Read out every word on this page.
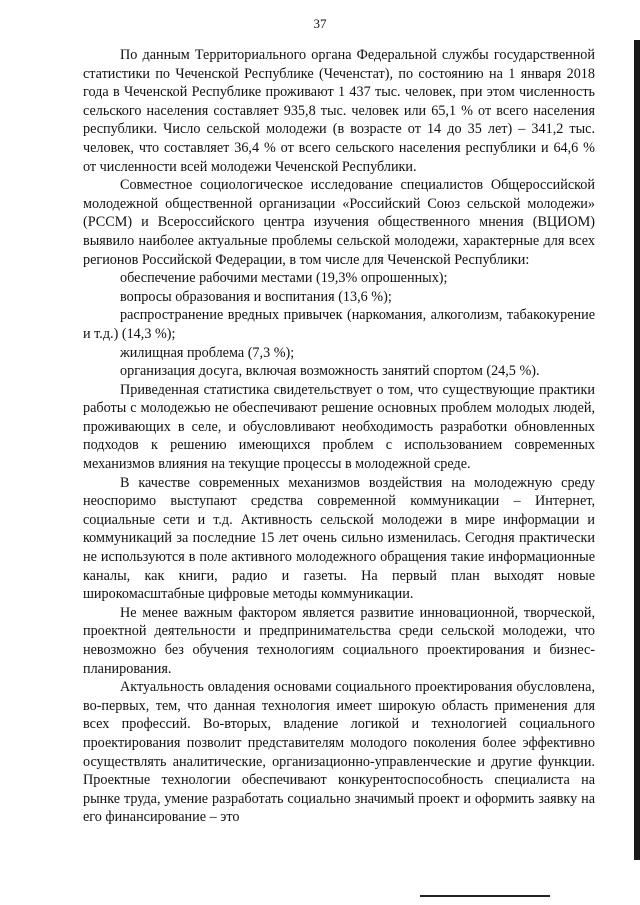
37

По данным Территориального органа Федеральной службы государственной статистики по Чеченской Республике (Чеченстат), по состоянию на 1 января 2018 года в Чеченской Республике проживают 1 437 тыс. человек, при этом численность сельского населения составляет 935,8 тыс. человек или 65,1 % от всего населения республики. Число сельской молодежи (в возрасте от 14 до 35 лет) – 341,2 тыс. человек, что составляет 36,4 % от всего сельского населения республики и 64,6 % от численности всей молодежи Чеченской Республики.

Совместное социологическое исследование специалистов Общероссийской молодежной общественной организации «Российский Союз сельской молодежи» (РССМ) и Всероссийского центра изучения общественного мнения (ВЦИОМ) выявило наиболее актуальные проблемы сельской молодежи, характерные для всех регионов Российской Федерации, в том числе для Чеченской Республики:

обеспечение рабочими местами (19,3% опрошенных);

вопросы образования и воспитания (13,6 %);

распространение вредных привычек (наркомания, алкоголизм, табакокурение и т.д.) (14,3 %);

жилищная проблема (7,3 %);

организация досуга, включая возможность занятий спортом (24,5 %).

Приведенная статистика свидетельствует о том, что существующие практики работы с молодежью не обеспечивают решение основных проблем молодых людей, проживающих в селе, и обусловливают необходимость разработки обновленных подходов к решению имеющихся проблем с использованием современных механизмов влияния на текущие процессы в молодежной среде.

В качестве современных механизмов воздействия на молодежную среду неоспоримо выступают средства современной коммуникации – Интернет, социальные сети и т.д. Активность сельской молодежи в мире информации и коммуникаций за последние 15 лет очень сильно изменилась. Сегодня практически не используются в поле активного молодежного обращения такие информационные каналы, как книги, радио и газеты. На первый план выходят новые широкомасштабные цифровые методы коммуникации.

Не менее важным фактором является развитие инновационной, творческой, проектной деятельности и предпринимательства среди сельской молодежи, что невозможно без обучения технологиям социального проектирования и бизнес-планирования.

Актуальность овладения основами социального проектирования обусловлена, во-первых, тем, что данная технология имеет широкую область применения для всех профессий. Во-вторых, владение логикой и технологией социального проектирования позволит представителям молодого поколения более эффективно осуществлять аналитические, организационно-управленческие и другие функции. Проектные технологии обеспечивают конкурентоспособность специалиста на рынке труда, умение разработать социально значимый проект и оформить заявку на его финансирование – это
